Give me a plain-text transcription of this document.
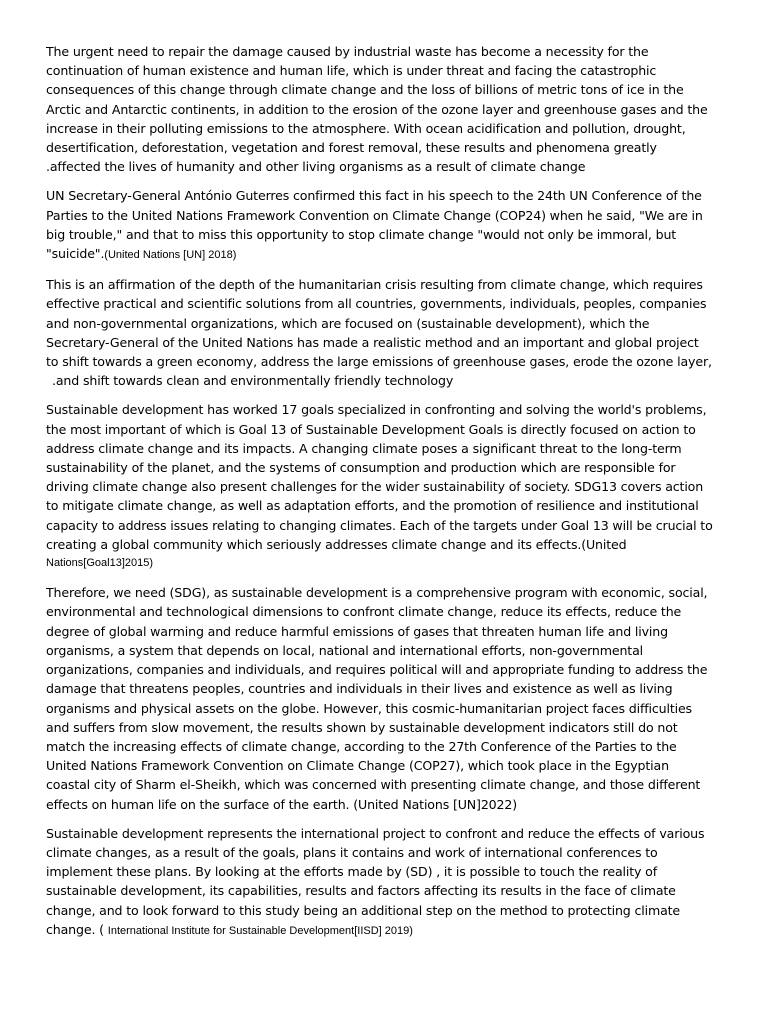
The urgent need to repair the damage caused by industrial waste has become a necessity for the
continuation of human existence and human life, which is under threat and facing the catastrophic
consequences of this change through climate change and the loss of billions of metric tons of ice in the
Arctic and Antarctic continents, in addition to the erosion of the ozone layer and greenhouse gases and the
increase in their polluting emissions to the atmosphere. With ocean acidification and pollution, drought,
desertification, deforestation, vegetation and forest removal, these results and phenomena greatly
.affected the lives of humanity and other living organisms as a result of climate change

UN Secretary-General António Guterres confirmed this fact in his speech to the 24th UN Conference of the
Parties to the United Nations Framework Convention on Climate Change (COP24) when he said, "We are in
big trouble," and that to miss this opportunity to stop climate change "would not only be immoral, but
"suicide".(United Nations [UN] 2018)

This is an affirmation of the depth of the humanitarian crisis resulting from climate change, which requires
effective practical and scientific solutions from all countries, governments, individuals, peoples, companies
and non-governmental organizations, which are focused on (sustainable development), which the
Secretary-General of the United Nations has made a realistic method and an important and global project
to shift towards a green economy, address the large emissions of greenhouse gases, erode the ozone layer,
.and shift towards clean and environmentally friendly technology

Sustainable development has worked 17 goals specialized in confronting and solving the world's problems,
the most important of which is Goal 13 of Sustainable Development Goals is directly focused on action to
address climate change and its impacts. A changing climate poses a significant threat to the long-term
sustainability of the planet, and the systems of consumption and production which are responsible for
driving climate change also present challenges for the wider sustainability of society. SDG13 covers action
to mitigate climate change, as well as adaptation efforts, and the promotion of resilience and institutional
capacity to address issues relating to changing climates. Each of the targets under Goal 13 will be crucial to
creating a global community which seriously addresses climate change and its effects.(United
Nations[Goal13]2015)

Therefore, we need (SDG), as sustainable development is a comprehensive program with economic, social,
environmental and technological dimensions to confront climate change, reduce its effects, reduce the
degree of global warming and reduce harmful emissions of gases that threaten human life and living
organisms, a system that depends on local, national and international efforts, non-governmental
organizations, companies and individuals, and requires political will and appropriate funding to address the
damage that threatens peoples, countries and individuals in their lives and existence as well as living
organisms and physical assets on the globe. However, this cosmic-humanitarian project faces difficulties
and suffers from slow movement, the results shown by sustainable development indicators still do not
match the increasing effects of climate change, according to the 27th Conference of the Parties to the
United Nations Framework Convention on Climate Change (COP27), which took place in the Egyptian
coastal city of Sharm el-Sheikh, which was concerned with presenting climate change, and those different
effects on human life on the surface of the earth. (United Nations [UN]2022)

Sustainable development represents the international project to confront and reduce the effects of various
climate changes, as a result of the goals, plans it contains and work of international conferences to
implement these plans. By looking at the efforts made by (SD) , it is possible to touch the reality of
sustainable development, its capabilities, results and factors affecting its results in the face of climate
change, and to look forward to this study being an additional step on the method to protecting climate
change. ( International Institute for Sustainable Development[IISD] 2019)
